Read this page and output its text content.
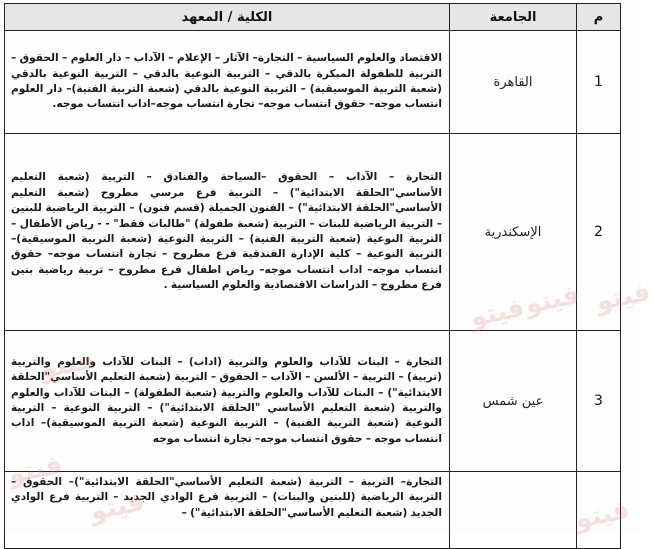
م	الجامعة	الكلية / المعهد
1	القاهرة	الاقتصاد والعلوم السياسية – التجارة– الآثار – الإعلام – الآداب – دار العلوم – الحقوق –التربية للطفولة المبكرة بالدقي – التربية النوعية بالدقي – التربية النوعية بالدقي (شعبة التربية الموسيقية) – التربية النوعية بالدقي (شعبة التربية الفنية)– دار العلوم انتساب موجه– حقوق انتساب موجه– تجارة انتساب موجه–اداب انتساب موجه.
2	الإسكندرية	التجارة – الآداب – الحقوق –السياحة والفنادق – التربية (شعبة التعليم الأساسي"الحلقة الابتدائية") – التربية فرع مرسي مطروح (شعبة التعليم الأساسي"الحلقة الابتدائية") – الفنون الجميلة (قسم فنون) – التربية الرياضية للبنين – التربية الرياضية للبنات – التربية (شعبة طفولة) "طالبات فقط" - - رياض الأطفال – التربية النوعية (شعبة التربية الفنية) – التربية النوعية (شعبة التربية الموسيقية)– التربية النوعية – كلية الإدارة الفندقية فرع مطروح – تجارة انتساب موجه– حقوق انتساب موجه– اداب انتساب موجه– رياض اطفال فرع مطروح – تربية رياضية بنين فرع مطروح – الدراسات الاقتصادية والعلوم السياسية .
3	عين شمس	التجارة – البنات للآداب والعلوم والتربية (اداب) – البنات للآداب والعلوم والتربية (تربية) – التربية – الألسن – الآداب – الحقوق – التربية (شعبة التعليم الأساسي"الحلقة الابتدائية") – البنات للآداب والعلوم والتربية (شعبة الطفولة) – البنات للآداب والعلوم والتربية (شعبة التعليم الأساسي "الحلقة الابتدائية") – التربية النوعية – التربية النوعية (شعبة التربية الفنية) – التربية النوعية (شعبة التربية الموسيقية)– اداب انتساب موجه – حقوق انتساب موجه– تجارة انتساب موجه
		التجارة– التربية – التربية (شعبة التعليم الأساسي"الحلقة الابتدائية")– الحقوق – التربية الرياضية (للبنين والبنات) – التربية فرع الوادي الجديد – التربية فرع الوادي الجديد (شعبة التعليم الأساسي"الحلقة الابتدائية") –
فيتو
فيتو
فيتو
فيتو
فيتو	فيتو
فيتو
